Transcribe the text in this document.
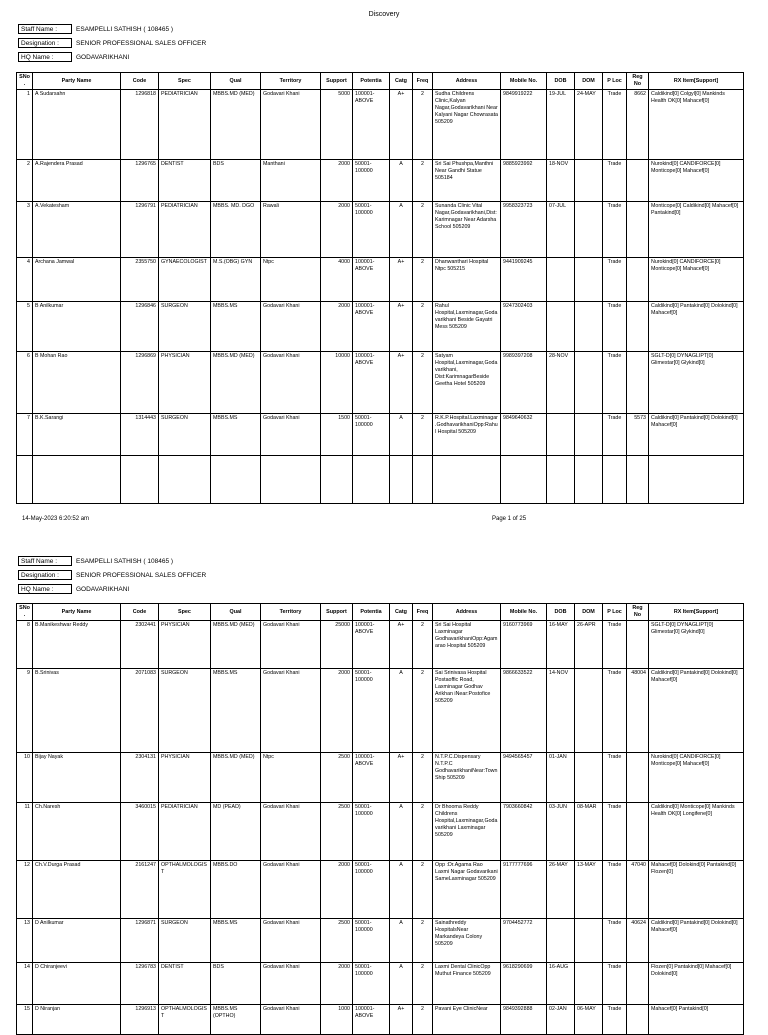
Discovery
Staff Name :	ESAMPELLI SATHISH ( 108465 )
Designation :	SENIOR PROFESSIONAL SALES OFFICER
HQ Name :	GODAVARIKHANI
SNo.	Party Name	Code	Spec	Qual	Territory	Support	Potentia	Catg	Freq	Address	Mobile No.	DOB	DOM	P Loc	Reg No	RX Item[Support]
1	A Sudarsahn	1296818	PEDIATRICIAN	MBBS.MD (MED)	Godavari Khani	5000	100001-ABOVE	A+	2	Sudha Childrens Clinic,Kalyan Nagar,Godavarikhani Near Kalyani Nagar Chowrasata 505209	9849919222	19-JUL	24-MAY	Trade	8662	Caldikind[0] Colgyl[0] Mankinds Health OK[0] Mahacef[0]
2	A.Rajendera Prasad	1296765	DENTIST	BDS	Manthani	2000	50001-100000	A	2	Sri Sai Phushpa,Manthni Near Gandhi Statue 505184	9885923992	18-NOV		Trade		Nurokind[0] CANDIFORCE[0] Monticope[0] Mahacef[0]
3	A.Vekatesham	1296791	PEDIATRICIAN	MBBS. MD. DGO	Rawali	2000	50001-100000	A	2	Sunanda Clinic Vital Nagar,Godavarikhani,Dist:Karimnagar Near Adarsha School 505209	9958323723	07-JUL		Trade		Monticope[0] Caldikind[0] Mahacef[0] Pantakind[0]
4	Archana Jamwal	2355750	GYNAECOLOGIST	M.S.(OBG) GYN	Ntpc	4000	100001-ABOVE	A+	2	Dhanwanthari Hospital Ntpc 505215	9441909245			Trade		Nurokind[0] CANDIFORCE[0] Monticope[0] Mahacef[0]
5	B Anilkumar	1296846	SURGEON	MBBS.MS	Godavari Khani	2000	100001-ABOVE	A+	2	Rahul Hospital,Laxminagar,Godavarikhani Beside Gayatri Mess 505209	9247302403			Trade		Caldikind[0] Pantakind[0] Dolokind[0] Mahacef[0]
6	B Mohan Rao	1296869	PHYSICIAN	MBBS.MD (MED)	Godavari Khani	10000	100001-ABOVE	A+	2	Satyam Hospital,Laxminagar,Godavarikhani, Dist:KarimnagarBeside Geetha Hotel 505209	9989397208	28-NOV		Trade		SGLT-D[0] DYNAGLIPT[0] Glimestar[0] Glykind[0]
7	B.K.Sarangi	1314443	SURGEON	MBBS.MS	Godavari Khani	1500	50001-100000	A	2	R.K.P.Hospital.Laxminagar.GodhavarikhaniOpp:Rahul Hospital 505209	9849640632			Trade	5573	Caldikind[0] Pantakind[0] Dolokind[0] Mahacef[0]

14-May-2023 6:20:52 am	Page 1 of 25
Staff Name :	ESAMPELLI SATHISH ( 108465 )
Designation :	SENIOR PROFESSIONAL SALES OFFICER
HQ Name :	GODAVARIKHANI
SNo.	Party Name	Code	Spec	Qual	Territory	Support	Potentia	Catg	Freq	Address	Mobile No.	DOB	DOM	P Loc	Reg No	RX Item[Support]
8	B.Manikeshwar Reddy	2302441	PHYSICIAN	MBBS.MD (MED)	Godavari Khani	25000	100001-ABOVE	A+	2	Sri Sai Hospital Laxminagar GodhavarikhaniOpp:Agamarao Hospital 505209	9160773969	16-MAY	26-APR	Trade		SGLT-D[0] DYNAGLIPT[0] Glimestar[0] Glykind[0]
9	B.Srinivas	2071083	SURGEON	MBBS.MS	Godavari Khani	2000	50001-100000	A	2	Sai Srinivasa Hospital Postaoffic Road, Laxminagar Godhav Arikhan iNear:Postofice 505209	9866633522	14-NOV		Trade	48004	Caldikind[0] Pantakind[0] Dolokind[0] Mahacef[0]
10	Bijay Nayak	2304131	PHYSICIAN	MBBS.MD (MED)	Ntpc	2500	100001-ABOVE	A+	2	N.T.P.C.Dispensary N.T.P.C GodhavarikhaniNear:Town Ship 505209	9494565457	01-JAN		Trade		Nurokind[0] CANDIFORCE[0] Monticope[0] Mahacef[0]
11	Ch.Naresh	3460015	PEDIATRICIAN	MD (PEAD)	Godavari Khani	2500	50001-100000	A	2	Dr Bhooma Reddy Childrens Hospital,Laxminagar,Godavarikhani Laxminagar 505209	7903660842	03-JUN	08-MAR	Trade		Caldikind[0] Monticope[0] Mankinds Health OK[0] Longifene[0]
12	Ch.V.Durga Prasad	2161247	OPTHALMOLOGIST	MBBS.DO	Godavari Khani	2000	50001-100000	A	2	Opp :Dr.Agama Rao Laxmi Nagar Godavarikani SameLaxminagar 505209	9177777696	26-MAY	13-MAY	Trade	47040	Mahacef[0] Dolokind[0] Pantakind[0] Flozen[0]
13	D Anilkumar	1296871	SURGEON	MBBS.MS	Godavari Khani	2500	50001-100000	A	2	Sainathreddy HospitalsNear Markandeya Colony 505209	9704452772			Trade	40624	Caldikind[0] Pantakind[0] Dolokind[0] Mahacef[0]
14	D Chiranjeevi	1296783	DENTIST	BDS	Godavari Khani	2000	50001-100000	A	2	Laxmi Dental ClinicOpp Muthut Finance 505209	9618290699	16-AUG		Trade		Flozen[0] Pantakind[0] Mahacef[0] Dolokind[0]
15	D Niranjan	1296913	OPTHALMOLOGIST	MBBS.MS (OPTHO)	Godavari Khani	1000	100001-ABOVE	A+	2	Pavani Eye ClinicNear	9849392888	02-JAN	06-MAY	Trade		Mahacef[0] Pantakind[0]
